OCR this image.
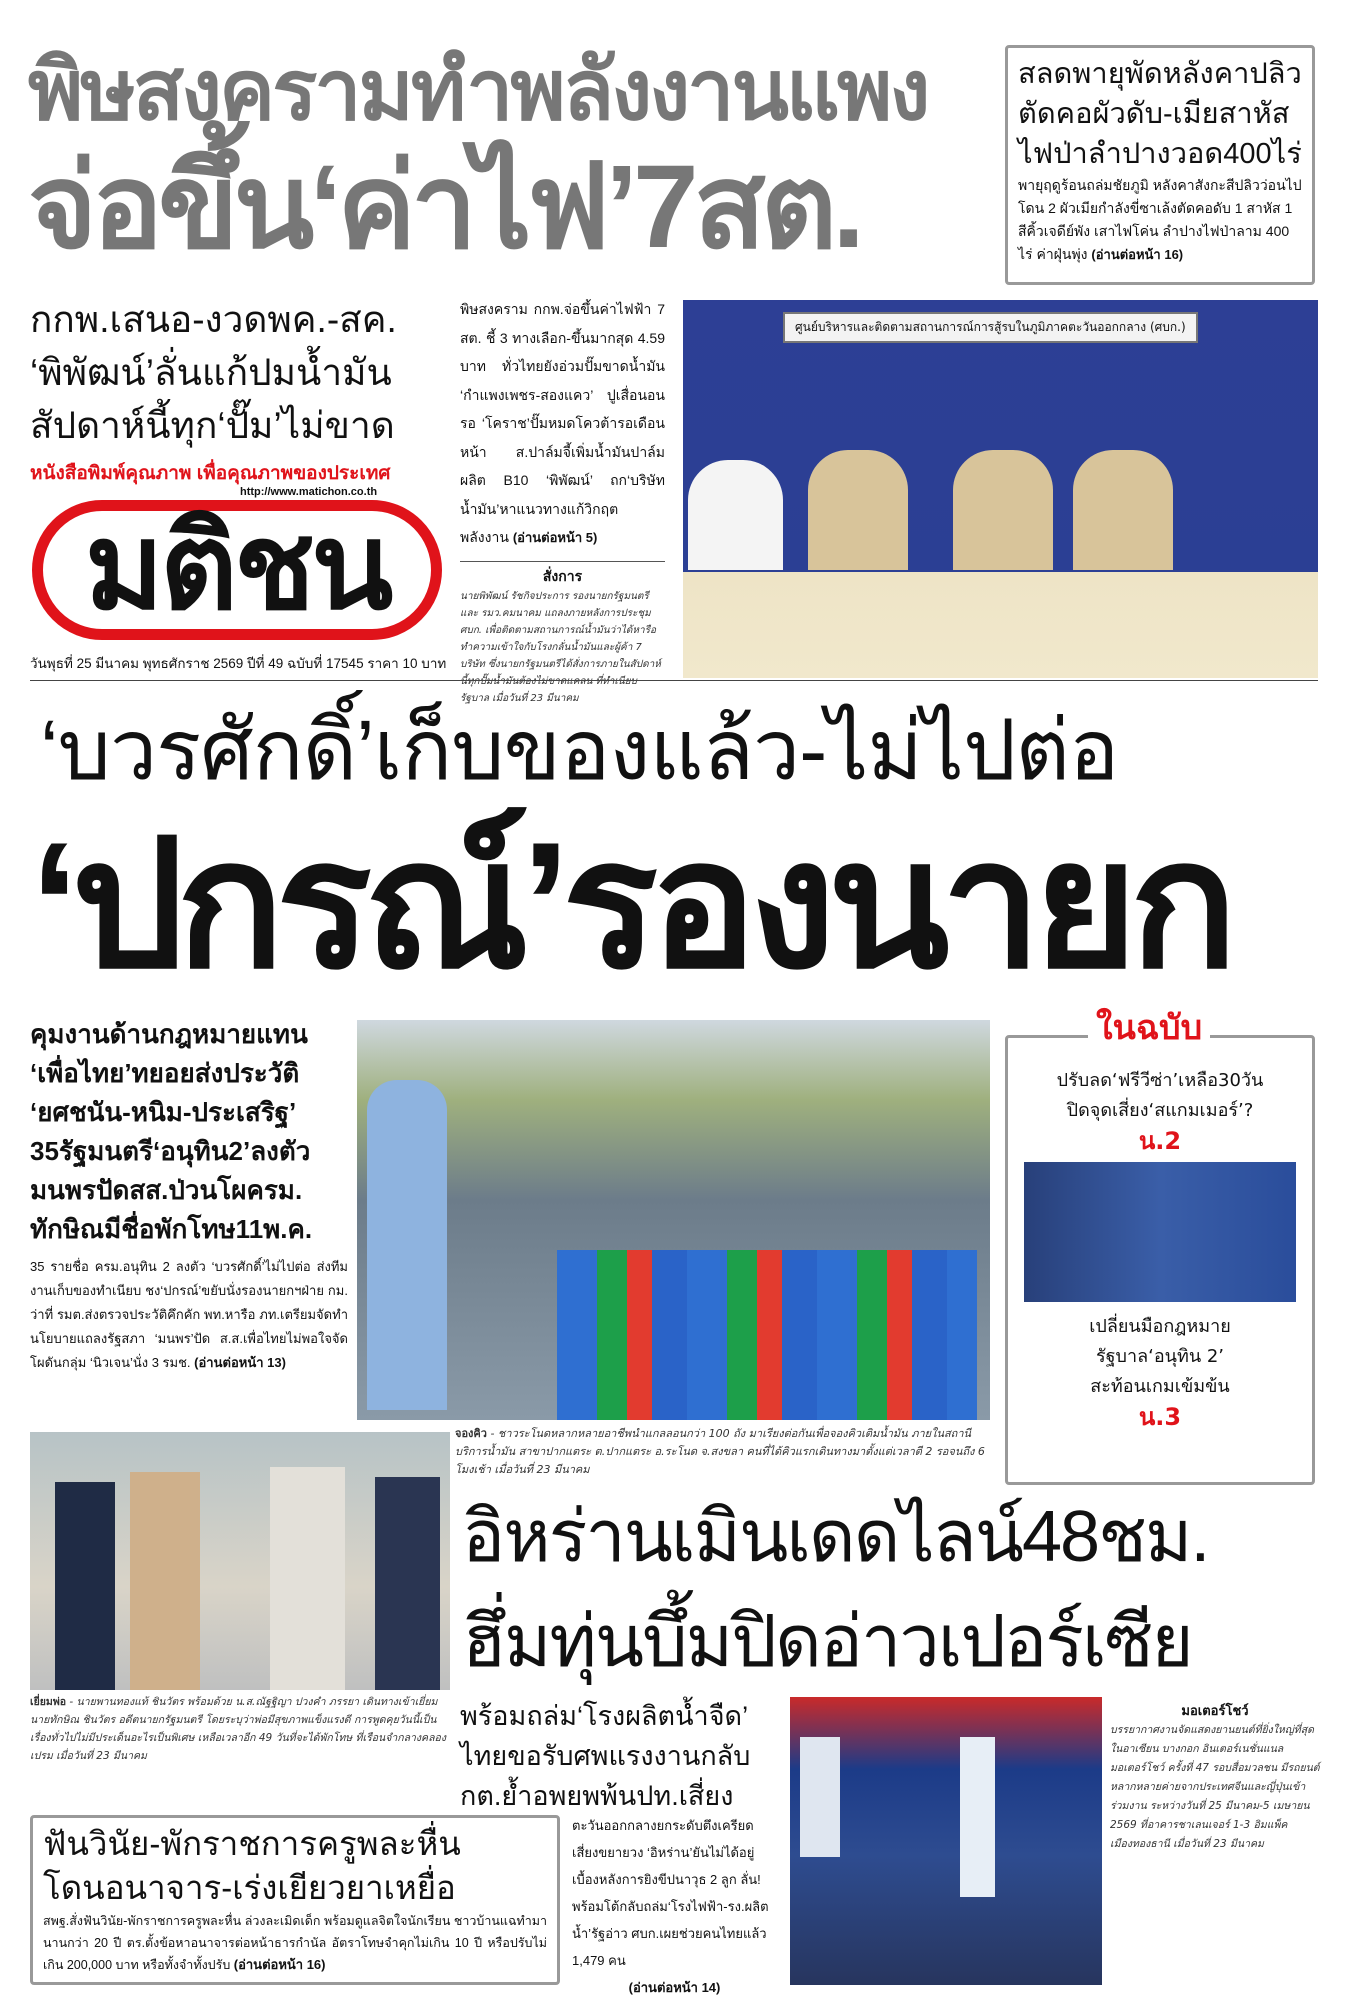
พิษสงครามทำพลังงานแพง
จ่อขึ้น‘ค่าไฟ’7สต.
สลดพายุพัดหลังคาปลิว
ตัดคอผัวดับ-เมียสาหัส
ไฟป่าลำปางวอด400ไร่
พายุฤดูร้อนถล่มชัยภูมิ หลังคาสังกะสีปลิวว่อนไปโดน 2 ผัวเมียกำลังขี่ซาเล้งตัดคอดับ 1 สาหัส 1 สีคิ้วเจดีย์พัง เสาไฟโค่น ลำปางไฟป่าลาม 400 ไร่ ค่าฝุ่นพุ่ง (อ่านต่อหน้า 16)
กกพ.เสนอ-งวดพค.-สค.
‘พิพัฒน์’ลั่นแก้ปมน้ำมัน
สัปดาห์นี้ทุก‘ปั๊ม’ไม่ขาด
หนังสือพิมพ์คุณภาพ เพื่อคุณภาพของประเทศ
http://www.matichon.co.th
มติชน
วันพุธที่ 25 มีนาคม พุทธศักราช 2569 ปีที่ 49 ฉบับที่ 17545 ราคา 10 บาท
พิษสงคราม กกพ.จ่อขึ้นค่าไฟฟ้า 7 สต. ชี้ 3 ทางเลือก-ขึ้นมากสุด 4.59 บาท ทั่วไทยยังอ่วมปั๊มขาดน้ำมัน ‘กำแพงเพชร-สองแคว’ ปูเสื่อนอนรอ ‘โคราช’ปั๊มหมดโควต้ารอเดือนหน้า ส.ปาล์มจี้เพิ่มน้ำมันปาล์มผลิต B10 ‘พิพัฒน์’ ถก‘บริษัทน้ำมัน’หาแนวทางแก้วิกฤตพลังงาน (อ่านต่อหน้า 5)
สั่งการ
นายพิพัฒน์ รัชกิจประการ รองนายกรัฐมนตรี และ รมว.คมนาคม แถลงภายหลังการประชุม ศบก. เพื่อติดตามสถานการณ์น้ำมันว่าได้หารือทำความเข้าใจกับโรงกลั่นน้ำมันและผู้ค้า 7 บริษัท ซึ่งนายกรัฐมนตรีได้สั่งการภายในสัปดาห์นี้ทุกปั๊มน้ำมันต้องไม่ขาดแคลน ที่ทำเนียบรัฐบาล เมื่อวันที่ 23 มีนาคม
ศูนย์บริหารและติดตามสถานการณ์การสู้รบในภูมิภาคตะวันออกกลาง (ศบก.)
‘บวรศักดิ์’เก็บของแล้ว-ไม่ไปต่อ
‘ปกรณ์’รองนายก
คุมงานด้านกฎหมายแทน
‘เพื่อไทย’ทยอยส่งประวัติ
‘ยศชนัน-หนิม-ประเสริฐ’
35รัฐมนตรี‘อนุทิน2’ลงตัว
มนพรปัดสส.ป่วนโผครม.
ทักษิณมีชื่อพักโทษ11พ.ค.
35 รายชื่อ ครม.อนุทิน 2 ลงตัว ‘บวรศักดิ์’ไม่ไปต่อ ส่งทีมงานเก็บของทำเนียบ ชง‘ปกรณ์’ขยับนั่งรองนายกฯฝ่าย กม. ว่าที่ รมต.ส่งตรวจประวัติคึกคัก พท.หารือ ภท.เตรียมจัดทำนโยบายแถลงรัฐสภา ‘มนพร’ปัด ส.ส.เพื่อไทยไม่พอใจจัดโผดันกลุ่ม ‘นิวเจน’นั่ง 3 รมช. (อ่านต่อหน้า 13)
จองคิว - ชาวระโนดหลากหลายอาชีพนำแกลลอนกว่า 100 ถัง มาเรียงต่อกันเพื่อจองคิวเติมน้ำมัน ภายในสถานีบริการน้ำมัน สาขาปากแตระ ต.ปากแตระ อ.ระโนด จ.สงขลา คนที่ได้คิวแรกเดินทางมาตั้งแต่เวลาตี 2 รอจนถึง 6 โมงเช้า เมื่อวันที่ 23 มีนาคม
ในฉบับ
ปรับลด‘ฟรีวีซ่า’เหลือ30วัน
ปิดจุดเสี่ยง‘สแกมเมอร์’?
น.2
เปลี่ยนมือกฎหมาย
รัฐบาล‘อนุทิน 2’
สะท้อนเกมเข้มข้น
น.3
เยี่ยมพ่อ - นายพานทองแท้ ชินวัตร พร้อมด้วย น.ส.ณัฐฐิญา ปวงคำ ภรรยา เดินทางเข้าเยี่ยมนายทักษิณ ชินวัตร อดีตนายกรัฐมนตรี โดยระบุว่าพ่อมีสุขภาพแข็งแรงดี การพูดคุยวันนี้เป็นเรื่องทั่วไปไม่มีประเด็นอะไรเป็นพิเศษ เหลือเวลาอีก 49 วันที่จะได้พักโทษ ที่เรือนจำกลางคลองเปรม เมื่อวันที่ 23 มีนาคม
อิหร่านเมินเดดไลน์48ชม.
ฮึ่มทุ่นบึ้มปิดอ่าวเปอร์เซีย
พร้อมถล่ม‘โรงผลิตน้ำจืด’
ไทยขอรับศพแรงงานกลับ
กต.ย้ำอพยพพ้นปท.เสี่ยง
ตะวันออกกลางยกระดับตึงเครียด เสี่ยงขยายวง ‘อิหร่าน’ยันไม่ได้อยู่เบื้องหลังการยิงขีปนาวุธ 2 ลูก ลั่น!พร้อมโต้กลับถล่ม‘โรงไฟฟ้า-รง.ผลิตน้ำ’รัฐอ่าว ศบก.เผยช่วยคนไทยแล้ว 1,479 คน
(อ่านต่อหน้า 14)
มอเตอร์โชว์
บรรยากาศงานจัดแสดงยานยนต์ที่ยิ่งใหญ่ที่สุดในอาเซียน บางกอก อินเตอร์เนชั่นแนล มอเตอร์โชว์ ครั้งที่ 47 รอบสื่อมวลชน มีรถยนต์หลากหลายค่ายจากประเทศจีนและญี่ปุ่นเข้าร่วมงาน ระหว่างวันที่ 25 มีนาคม-5 เมษายน 2569 ที่อาคารชาเลนเจอร์ 1-3 อิมแพ็ค เมืองทองธานี เมื่อวันที่ 23 มีนาคม
ฟันวินัย-พักราชการครูพละหื่น
โดนอนาจาร-เร่งเยียวยาเหยื่อ
สพฐ.สั่งฟันวินัย-พักราชการครูพละหื่น ล่วงละเมิดเด็ก พร้อมดูแลจิตใจนักเรียน ชาวบ้านแฉทำมานานกว่า 20 ปี ตร.ตั้งข้อหาอนาจารต่อหน้าธารกำนัล อัตราโทษจำคุกไม่เกิน 10 ปี หรือปรับไม่เกิน 200,000 บาท หรือทั้งจำทั้งปรับ (อ่านต่อหน้า 16)
